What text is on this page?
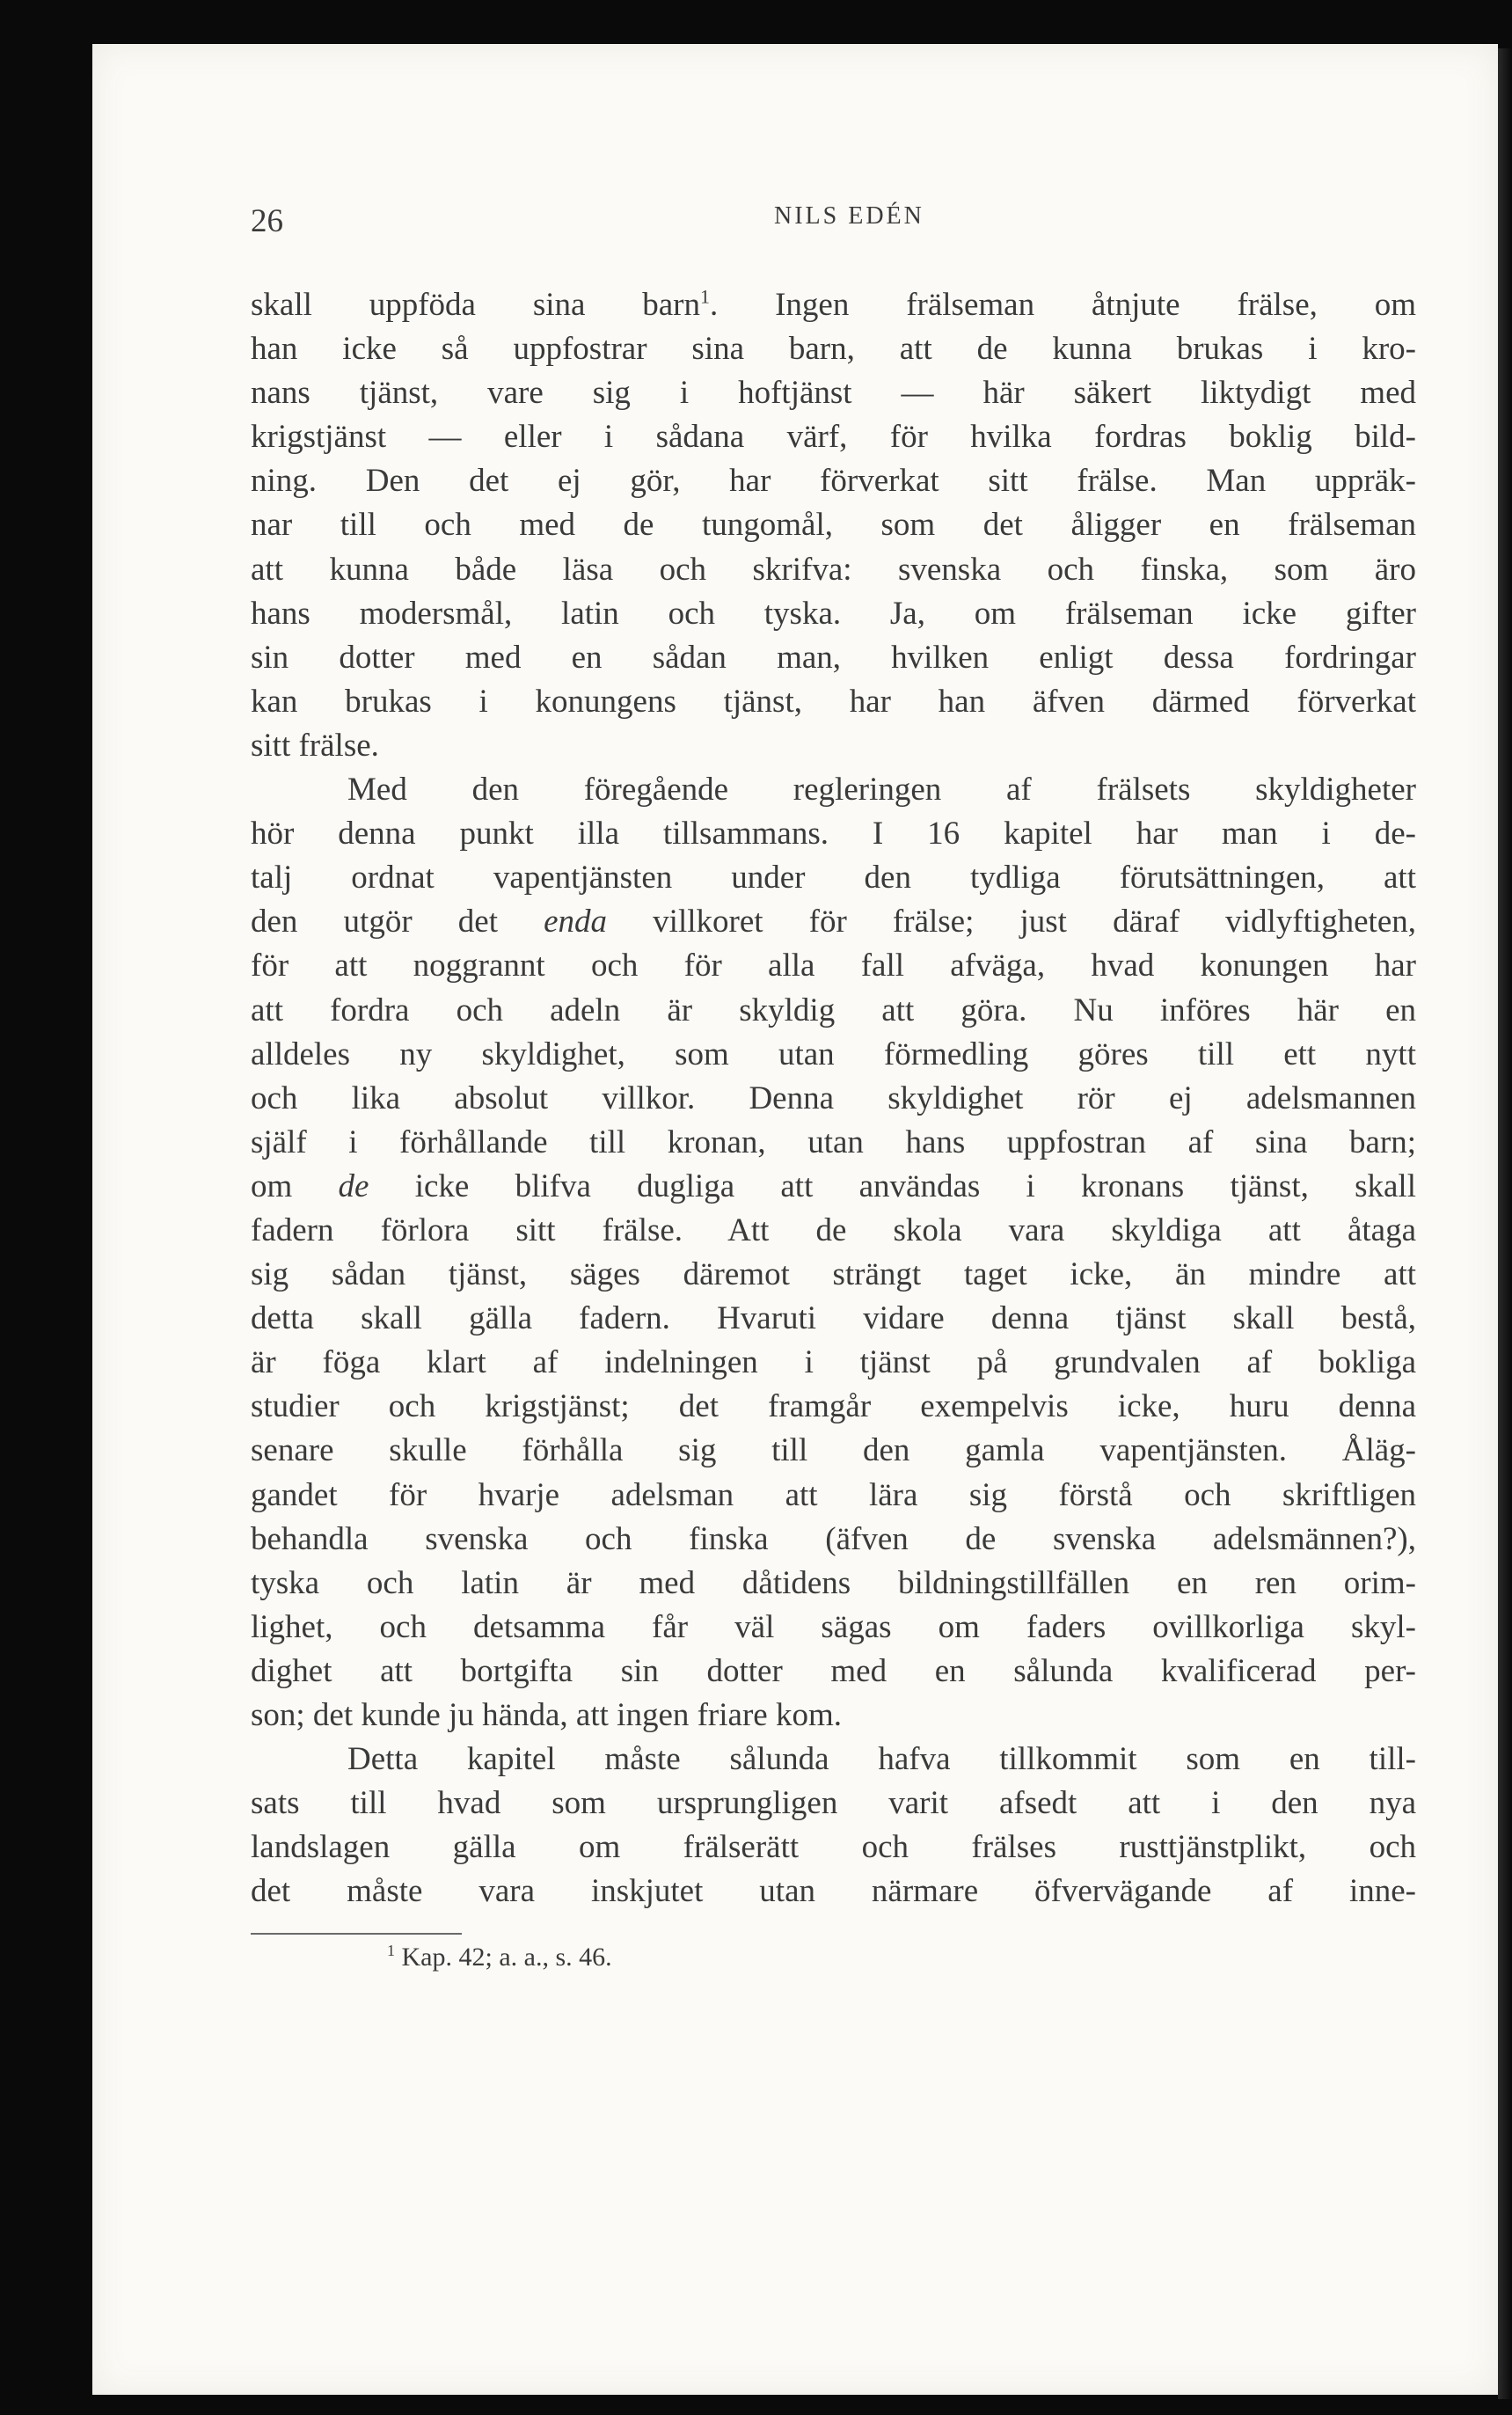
26	NILS EDÉN
skall uppföda sina barn$^1$. Ingen frälseman åtnjute frälse, om
han icke så uppfostrar sina barn, att de kunna brukas i kro-
nans tjänst, vare sig i hoftjänst — här säkert liktydigt med
krigstjänst — eller i sådana värf, för hvilka fordras boklig bild-
ning. Den det ej gör, har förverkat sitt frälse. Man uppräk-
nar till och med de tungomål, som det åligger en frälseman
att kunna både läsa och skrifva: svenska och finska, som äro
hans modersmål, latin och tyska. Ja, om frälseman icke gifter
sin dotter med en sådan man, hvilken enligt dessa fordringar
kan brukas i konungens tjänst, har han äfven därmed förverkat
sitt frälse.
Med den föregående regleringen af frälsets skyldigheter
hör denna punkt illa tillsammans. I 16 kapitel har man i de-
talj ordnat vapentjänsten under den tydliga förutsättningen, att
den utgör det enda villkoret för frälse; just däraf vidlyftigheten,
för att noggrannt och för alla fall afväga, hvad konungen har
att fordra och adeln är skyldig att göra. Nu införes här en
alldeles ny skyldighet, som utan förmedling göres till ett nytt
och lika absolut villkor. Denna skyldighet rör ej adelsmannen
själf i förhållande till kronan, utan hans uppfostran af sina barn;
om de icke blifva dugliga att användas i kronans tjänst, skall
fadern förlora sitt frälse. Att de skola vara skyldiga att åtaga
sig sådan tjänst, säges däremot strängt taget icke, än mindre att
detta skall gälla fadern. Hvaruti vidare denna tjänst skall bestå,
är föga klart af indelningen i tjänst på grundvalen af bokliga
studier och krigstjänst; det framgår exempelvis icke, huru denna
senare skulle förhålla sig till den gamla vapentjänsten. Åläg-
gandet för hvarje adelsman att lära sig förstå och skriftligen
behandla svenska och finska (äfven de svenska adelsmännen?),
tyska och latin är med dåtidens bildningstillfällen en ren orim-
lighet, och detsamma får väl sägas om faders ovillkorliga skyl-
dighet att bortgifta sin dotter med en sålunda kvalificerad per-
son; det kunde ju hända, att ingen friare kom.
Detta kapitel måste sålunda hafva tillkommit som en till-
sats till hvad som ursprungligen varit afsedt att i den nya
landslagen gälla om frälserätt och frälses rusttjänstplikt, och
det måste vara inskjutet utan närmare öfvervägande af inne-
$^1$ Kap. 42; a. a., s. 46.
